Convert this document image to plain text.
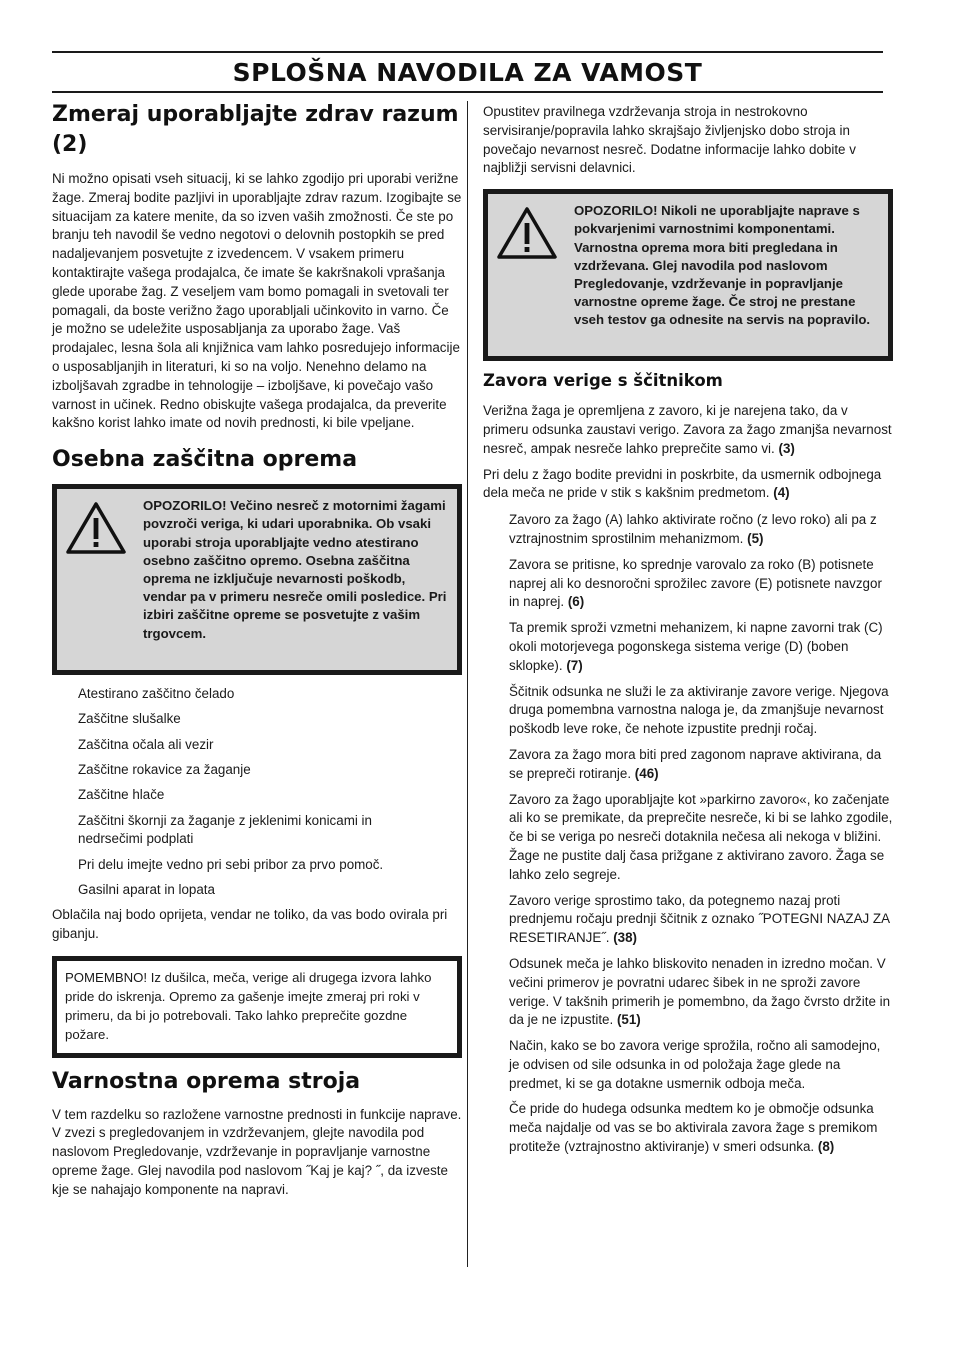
SPLOŠNA NAVODILA ZA VAMOST
Zmeraj uporabljajte zdrav razum (2)

Ni možno opisati vseh situacij, ki se lahko zgodijo pri uporabi verižne žage. Zmeraj bodite pazljivi in uporabljajte zdrav razum. Izogibajte se situacijam za katere menite, da so izven vaših zmožnosti. Če ste po branju teh navodil še vedno negotovi o delovnih postopkih se pred nadaljevanjem posvetujte z izvedencem. V vsakem primeru kontaktirajte vašega prodajalca, če imate še kakršnakoli vprašanja glede uporabe žag. Z veseljem vam bomo pomagali in svetovali ter pomagali, da boste verižno žago uporabljali učinkovito in varno. Če je možno se udeležite usposabljanja za uporabo žage. Vaš prodajalec, lesna šola ali knjižnica vam lahko posredujejo informacije o usposabljanjih in literaturi, ki so na voljo. Nenehno delamo na izboljšavah zgradbe in tehnologije – izboljšave, ki povečajo vašo varnost in učinek. Redno obiskujte vašega prodajalca, da preverite kakšno korist lahko imate od novih prednosti, ki bile vpeljane.

Osebna zaščitna oprema
OPOZORILO! Večino nesreč z motornimi žagami povzroči veriga, ki udari uporabnika. Ob vsaki uporabi stroja uporabljajte vedno atestirano osebno zaščitno opremo. Osebna zaščitna oprema ne izključuje nevarnosti poškodb, vendar pa v primeru nesreče omili posledice. Pri izbiri zaščitne opreme se posvetujte z vašim trgovcem.

Atestirano zaščitno čelado

Zaščitne slušalke

Zaščitna očala ali vezir

Zaščitne rokavice za žaganje

Zaščitne hlače

Zaščitni škornji za žaganje z jeklenimi konicami in nedrsečimi podplati

Pri delu imejte vedno pri sebi pribor za prvo pomoč.

Gasilni aparat in lopata

Oblačila naj bodo oprijeta, vendar ne toliko, da vas bodo ovirala pri gibanju.

POMEMBNO! Iz dušilca, meča, verige ali drugega izvora lahko pride do iskrenja. Opremo za gašenje imejte zmeraj pri roki v primeru, da bi jo potrebovali. Tako lahko preprečite gozdne požare.

Varnostna oprema stroja

V tem razdelku so razložene varnostne prednosti in funkcije naprave. V zvezi s pregledovanjem in vzdrževanjem, glejte navodila pod naslovom Pregledovanje, vzdrževanje in popravljanje varnostne opreme žage. Glej navodila pod naslovom ˝Kaj je kaj? ˝, da izveste kje se nahajajo komponente na napravi.

Opustitev pravilnega vzdrževanja stroja in nestrokovno servisiranje/popravila lahko skrajšajo življenjsko dobo stroja in povečajo nevarnost nesreč. Dodatne informacije lahko dobite v najbližji servisni delavnici.

OPOZORILO! Nikoli ne uporabljajte naprave s pokvarjenimi varnostnimi komponentami. Varnostna oprema mora biti pregledana in vzdrževana. Glej navodila pod naslovom Pregledovanje, vzdrževanje in popravljanje varnostne opreme žage. Če stroj ne prestane vseh testov ga odnesite na servis na popravilo.
Zavora verige s ščitnikom

Verižna žaga je opremljena z zavoro, ki je narejena tako, da v primeru odsunka zaustavi verigo. Zavora za žago zmanjša nevarnost nesreč, ampak nesreče lahko preprečite samo vi. (3)

Pri delu z žago bodite previdni in poskrbite, da usmernik odbojnega dela meča ne pride v stik s kakšnim predmetom. (4)

Zavoro za žago (A) lahko aktivirate ročno (z levo roko) ali pa z vztrajnostnim sprostilnim mehanizmom. (5)

Zavora se pritisne, ko sprednje varovalo za roko (B) potisnete naprej ali ko desnoročni sprožilec zavore (E) potisnete navzgor in naprej. (6)

Ta premik sproži vzmetni mehanizem, ki napne zavorni trak (C) okoli motorjevega pogonskega sistema verige (D) (boben sklopke). (7)

Ščitnik odsunka ne služi le za aktiviranje zavore verige. Njegova druga pomembna varnostna naloga je, da zmanjšuje nevarnost poškodb leve roke, če nehote izpustite prednji ročaj.

Zavora za žago mora biti pred zagonom naprave aktivirana, da se prepreči rotiranje. (46)

Zavoro za žago uporabljajte kot »parkirno zavoro«, ko začenjate ali ko se premikate, da preprečite nesreče, ki bi se lahko zgodile, če bi se veriga po nesreči dotaknila nečesa ali nekoga v bližini. Žage ne pustite dalj časa prižgane z aktivirano zavoro. Žaga se lahko zelo segreje.

Zavoro verige sprostimo tako, da potegnemo nazaj proti prednjemu ročaju prednji ščitnik z oznako ˝POTEGNI NAZAJ ZA RESETIRANJE˝. (38)

Odsunek meča je lahko bliskovito nenaden in izredno močan. V večini primerov je povratni udarec šibek in ne sproži zavore verige. V takšnih primerih je pomembno, da žago čvrsto držite in da je ne izpustite. (51)

Način, kako se bo zavora verige sprožila, ročno ali samodejno, je odvisen od sile odsunka in od položaja žage glede na predmet, ki se ga dotakne usmernik odboja meča.

Če pride do hudega odsunka medtem ko je območje odsunka meča najdalje od vas se bo aktivirala zavora žage s premikom protiteže (vztrajnostno aktiviranje) v smeri odsunka. (8)
